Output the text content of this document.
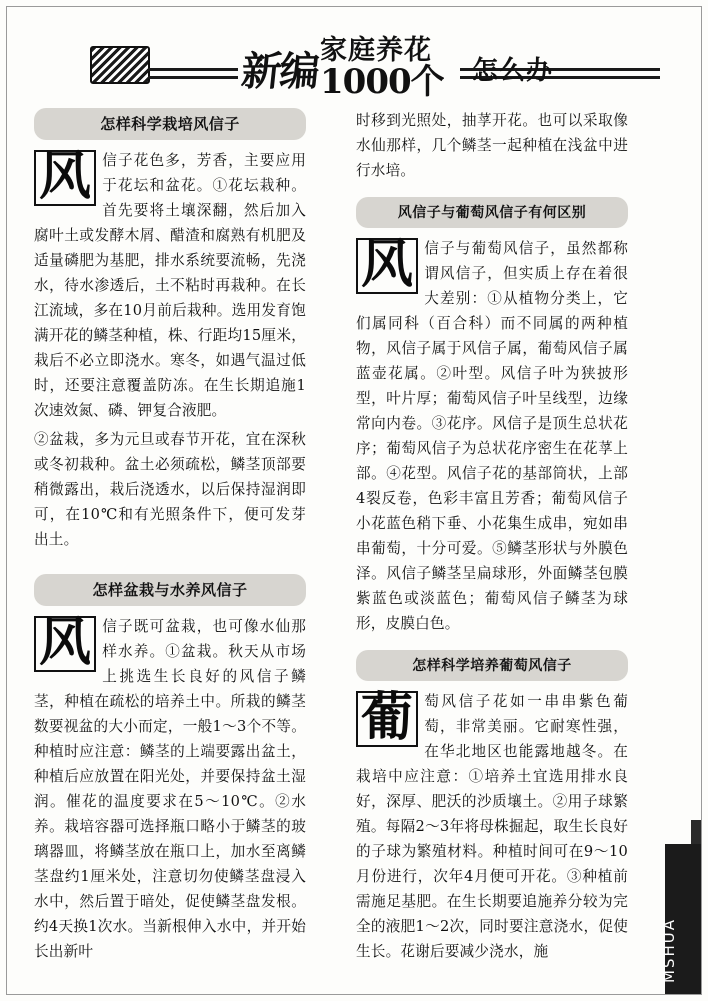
新编 家庭养花
1000个 怎么办
怎样科学栽培风信子
风 信子花色多，芳香，主要应用于花坛和盆花。①花坛栽种。首先要将土壤深翻，然后加入腐叶土或发酵木屑、醋渣和腐熟有机肥及适量磷肥为基肥，排水系统要流畅，先浇水，待水渗透后，土不粘时再栽种。在长江流域，多在10月前后栽种。选用发育饱满开花的鳞茎种植，株、行距均15厘米，栽后不必立即浇水。寒冬，如遇气温过低时，还要注意覆盖防冻。在生长期追施1次速效氮、磷、钾复合液肥。
②盆栽，多为元旦或春节开花，宜在深秋或冬初栽种。盆土必须疏松，鳞茎顶部要稍微露出，栽后浇透水，以后保持湿润即可，在10℃和有光照条件下，便可发芽出土。
怎样盆栽与水养风信子
风 信子既可盆栽，也可像水仙那样水养。①盆栽。秋天从市场上挑选生长良好的风信子鳞茎，种植在疏松的培养土中。所栽的鳞茎数要视盆的大小而定，一般1～3个不等。种植时应注意：鳞茎的上端要露出盆土，种植后应放置在阳光处，并要保持盆土湿润。催花的温度要求在5～10℃。②水养。栽培容器可选择瓶口略小于鳞茎的玻璃器皿，将鳞茎放在瓶口上，加水至离鳞茎盘约1厘米处，注意切勿使鳞茎盘浸入水中，然后置于暗处，促使鳞茎盘发根。约4天换1次水。当新根伸入水中，并开始长出新叶
时移到光照处，抽莩开花。也可以采取像水仙那样，几个鳞茎一起种植在浅盆中进行水培。
风信子与葡萄风信子有何区别
风 信子与葡萄风信子，虽然都称谓风信子，但实质上存在着很大差别：①从植物分类上，它们属同科（百合科）而不同属的两种植物，风信子属于风信子属，葡萄风信子属蓝壶花属。②叶型。风信子叶为狭披形型，叶片厚；葡萄风信子叶呈线型，边缘常向内卷。③花序。风信子是顶生总状花序；葡萄风信子为总状花序密生在花莩上部。④花型。风信子花的基部筒状，上部4裂反卷，色彩丰富且芳香；葡萄风信子小花蓝色稍下垂、小花集生成串，宛如串串葡萄，十分可爱。⑤鳞茎形状与外膜色泽。风信子鳞茎呈扁球形，外面鳞茎包膜紫蓝色或淡蓝色；葡萄风信子鳞茎为球形，皮膜白色。
怎样科学培养葡萄风信子
葡 萄风信子花如一串串紫色葡萄，非常美丽。它耐寒性强，在华北地区也能露地越冬。在栽培中应注意：①培养土宜选用排水良好，深厚、肥沃的沙质壤土。②用子球繁殖。每隔2～3年将母株掘起，取生长良好的子球为繁殖材料。种植时间可在9～10月份进行，次年4月便可开花。③种植前需施足基肥。在生长期要追施养分较为完全的液肥1～2次，同时要注意浇水，促使生长。花谢后要减少浇水，施	MSHUA
